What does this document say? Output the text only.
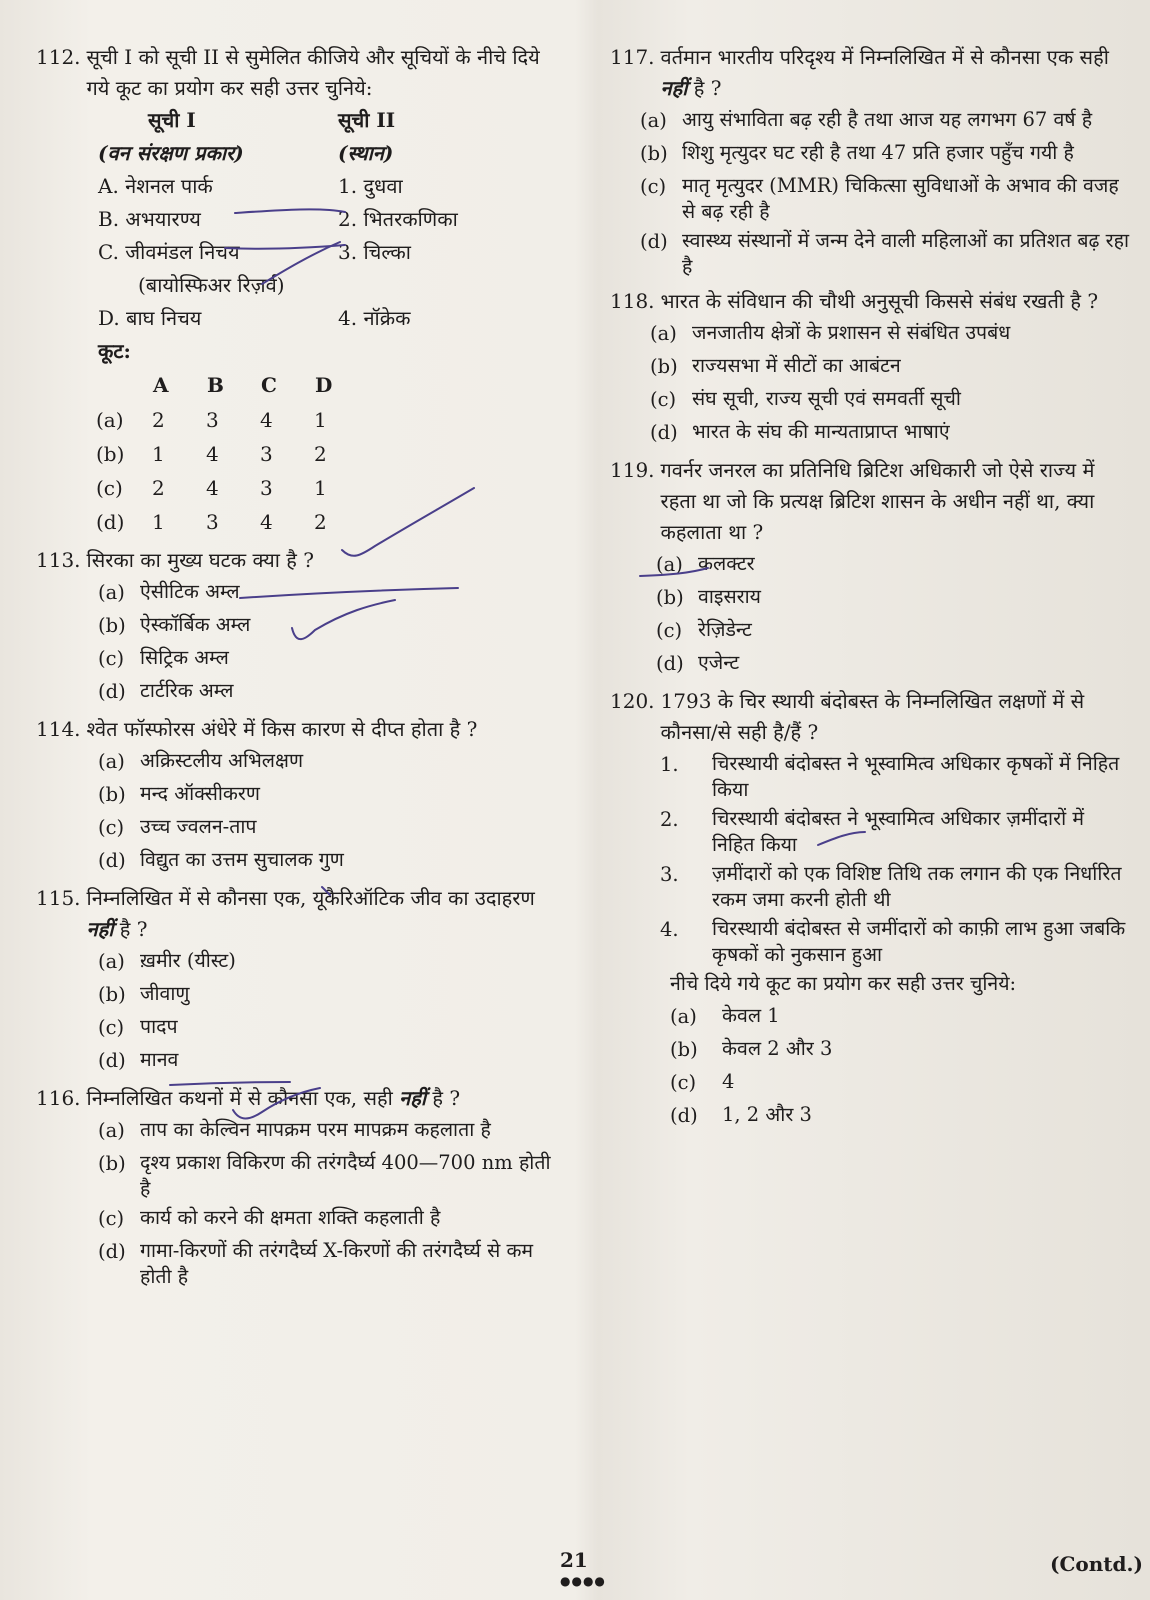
112. सूची I को सूची II से सुमेलित कीजिये और सूचियों के नीचे दिये गये कूट का प्रयोग कर सही उत्तर चुनिये:
सूची I	सूची II
(वन संरक्षण प्रकार)	(स्थान)
A. नेशनल पार्क	1. दुधवा
B. अभयारण्य	2. भितरकणिका
C. जीवमंडल निचय	3. चिल्का
(बायोस्फिअर रिज़र्व)
D. बाघ निचय	4. नॉक्रेक
कूट:
	A	B	C	D
(a)	2	3	4	1
(b)	1	4	3	2
(c)	2	4	3	1
(d)	1	3	4	2
113. सिरका का मुख्य घटक क्या है ?
(a) ऐसीटिक अम्ल
(b) ऐस्कॉर्बिक अम्ल
(c) सिट्रिक अम्ल
(d) टार्टरिक अम्ल
114. श्वेत फॉस्फोरस अंधेरे में किस कारण से दीप्त होता है ?
(a) अक्रिस्टलीय अभिलक्षण
(b) मन्द ऑक्सीकरण
(c) उच्च ज्वलन-ताप
(d) विद्युत का उत्तम सुचालक गुण
115. निम्नलिखित में से कौनसा एक, यूकैरिऑटिक जीव का उदाहरण नहीं है ?
(a) ख़मीर (यीस्ट)
(b) जीवाणु
(c) पादप
(d) मानव
116. निम्नलिखित कथनों में से कौनसा एक, सही नहीं है ?
(a) ताप का केल्विन मापक्रम परम मापक्रम कहलाता है
(b) दृश्य प्रकाश विकिरण की तरंगदैर्घ्य 400—700 nm होती है
(c) कार्य को करने की क्षमता शक्ति कहलाती है
(d) गामा-किरणों की तरंगदैर्घ्य X-किरणों की तरंगदैर्घ्य से कम होती है
117. वर्तमान भारतीय परिदृश्य में निम्नलिखित में से कौनसा एक सही नहीं है ?
(a) आयु संभाविता बढ़ रही है तथा आज यह लगभग 67 वर्ष है
(b) शिशु मृत्युदर घट रही है तथा 47 प्रति हजार पहुँच गयी है
(c) मातृ मृत्युदर (MMR) चिकित्सा सुविधाओं के अभाव की वजह से बढ़ रही है
(d) स्वास्थ्य संस्थानों में जन्म देने वाली महिलाओं का प्रतिशत बढ़ रहा है
118. भारत के संविधान की चौथी अनुसूची किससे संबंध रखती है ?
(a) जनजातीय क्षेत्रों के प्रशासन से संबंधित उपबंध
(b) राज्यसभा में सीटों का आबंटन
(c) संघ सूची, राज्य सूची एवं समवर्ती सूची
(d) भारत के संघ की मान्यताप्राप्त भाषाएं
119. गवर्नर जनरल का प्रतिनिधि ब्रिटिश अधिकारी जो ऐसे राज्य में रहता था जो कि प्रत्यक्ष ब्रिटिश शासन के अधीन नहीं था, क्या कहलाता था ?
(a) कलक्टर
(b) वाइसराय
(c) रेज़िडेन्ट
(d) एजेन्ट
120. 1793 के चिर स्थायी बंदोबस्त के निम्नलिखित लक्षणों में से कौनसा/से सही है/हैं ?
1.	चिरस्थायी बंदोबस्त ने भूस्वामित्व अधिकार कृषकों में निहित किया
2.	चिरस्थायी बंदोबस्त ने भूस्वामित्व अधिकार ज़मींदारों में निहित किया
3.	ज़मींदारों को एक विशिष्ट तिथि तक लगान की एक निर्धारित रकम जमा करनी होती थी
4.	चिरस्थायी बंदोबस्त से जमींदारों को काफ़ी लाभ हुआ जबकि कृषकों को नुकसान हुआ
नीचे दिये गये कूट का प्रयोग कर सही उत्तर चुनिये:
(a)	केवल 1
(b)	केवल 2 और 3
(c)	4
(d)	1, 2 और 3
21
●●●●
(Contd.)
